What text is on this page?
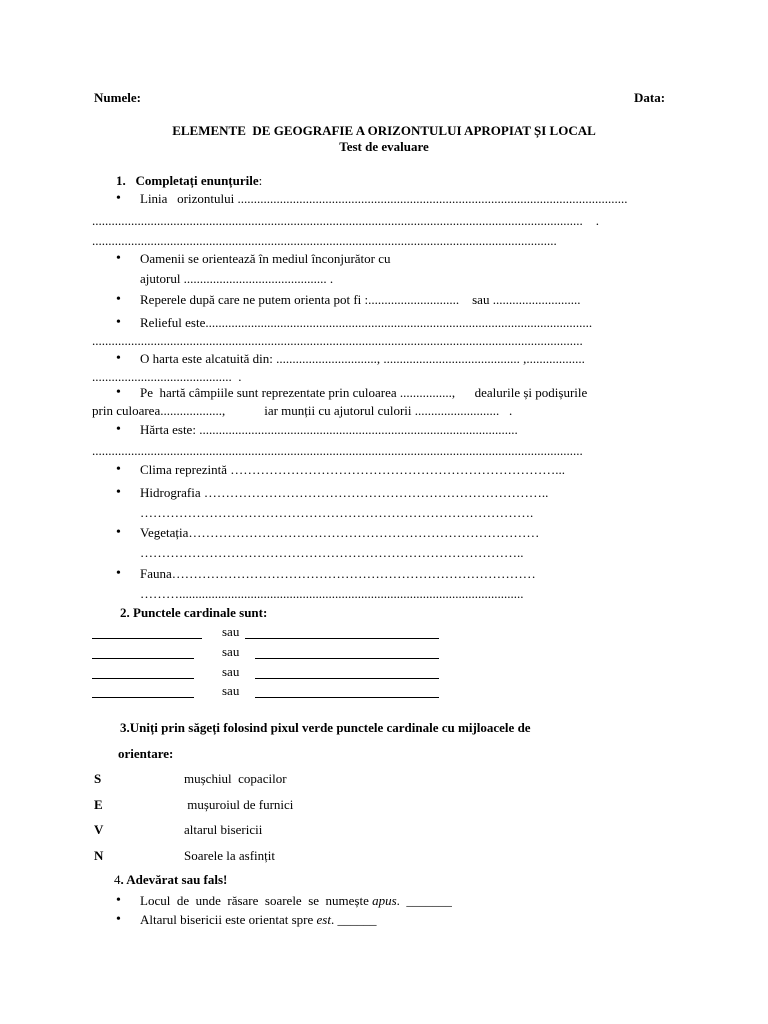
Numele:	Data:
ELEMENTE  DE GEOGRAFIE A ORIZONTULUI APROPIAT ȘI LOCAL
Test de evaluare
1.   Completați enunțurile:
• Linia   orizontului ........................................................................................................................
.......................................................................................................................................................    .
...............................................................................................................................................
• Oamenii se orientează în mediul înconjurător cu
ajutorul ............................................ .
• Reperele după care ne putem orienta pot fi :............................    sau ...........................
• Relieful este.......................................................................................................................
.......................................................................................................................................................
• O harta este alcatuită din: ..............................., .......................................... ,..................
...........................................  .
• Pe  hartă câmpiile sunt reprezentate prin culoarea ................,      dealurile și podișurile
prin culoarea...................,            iar munții cu ajutorul culorii ..........................   .
• Hărta este: ..................................................................................................
.......................................................................................................................................................
• Clima reprezintă …………………………………………………………………...
• Hidrografia ……………………………………………………………………..
……………………………………………………………………………….
• Vegetația………………………………………………………………………
……………………………………………………………………………..
• Fauna…………………………………………………………………………
………..........................................................................................................
2. Punctele cardinale sunt:
sau
sau
sau
sau
3.Uniți prin săgeți folosind pixul verde punctele cardinale cu mijloacele de
orientare:
S	mușchiul  copacilor
E	mușuroiul de furnici
V	altarul bisericii
N	Soarele la asfințit
4. Adevărat sau fals!
• Locul  de  unde  răsare  soarele  se  numește apus.  _______
• Altarul bisericii este orientat spre est. ______
